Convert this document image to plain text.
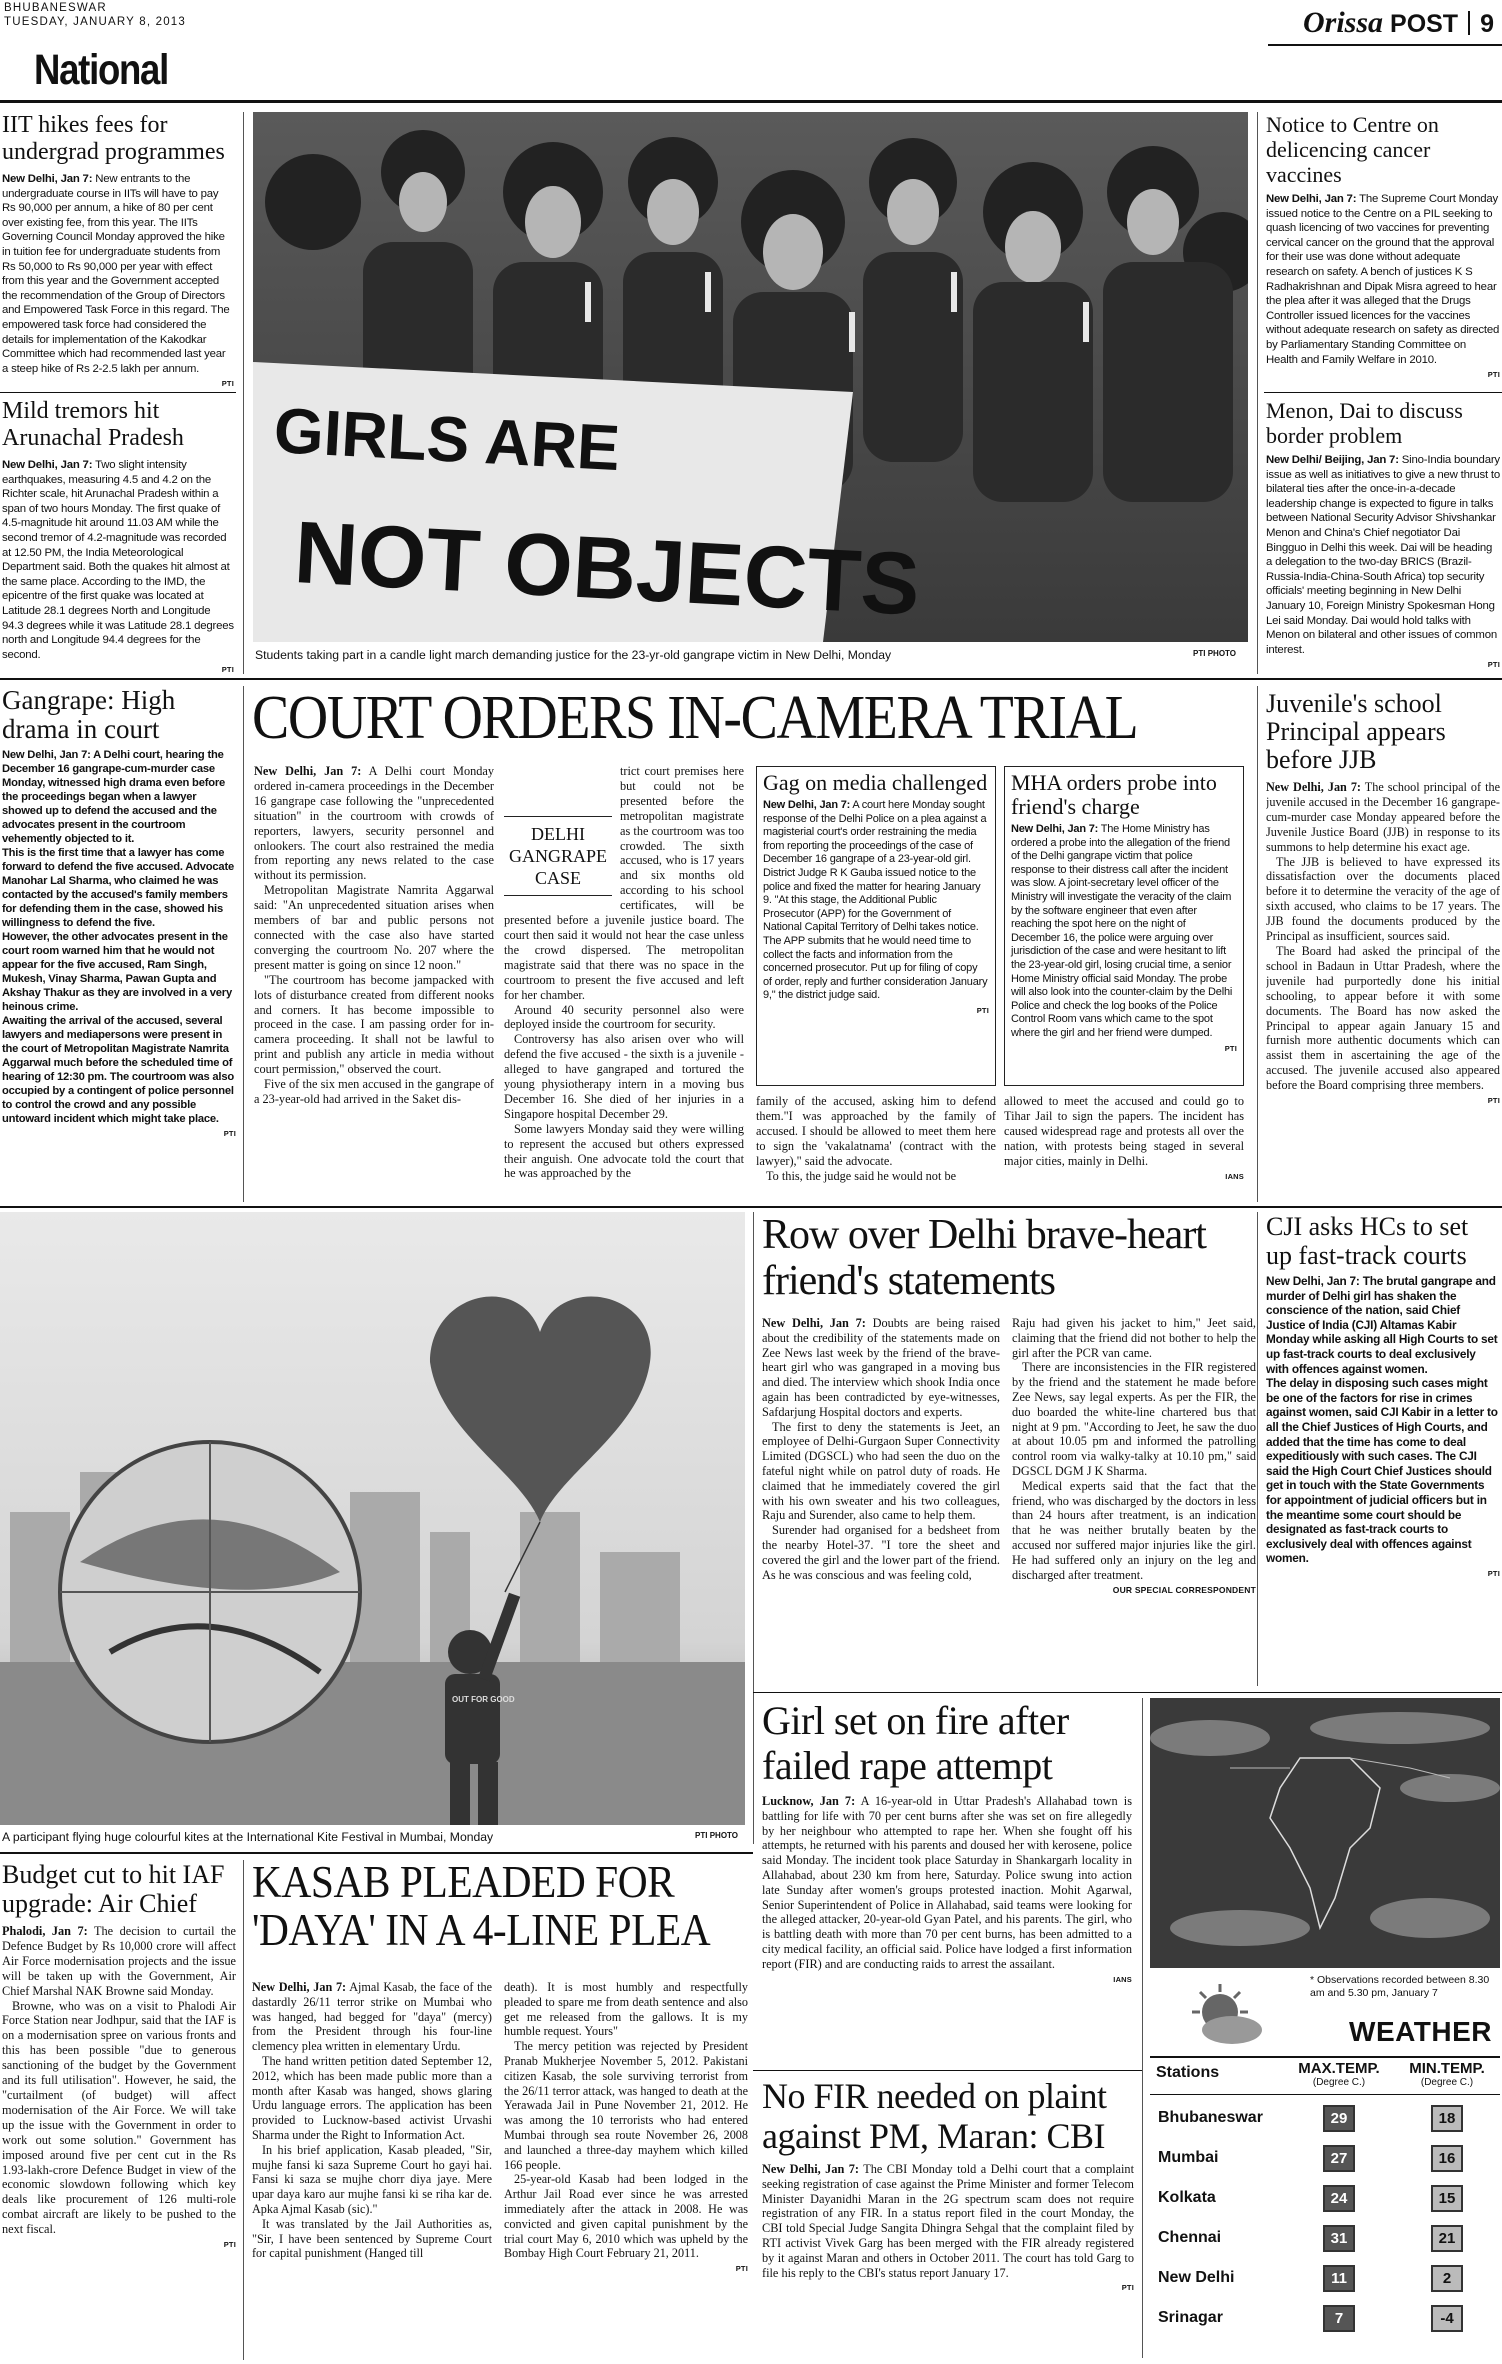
BHUBANESWAR
TUESDAY, JANUARY 8, 2013
National
Orissa POST 9
IIT hikes fees for undergrad programmes
New Delhi, Jan 7: New entrants to the undergraduate course in IITs will have to pay Rs 90,000 per annum, a hike of 80 per cent over existing fee, from this year. The IITs Governing Council Monday approved the hike in tuition fee for undergraduate students from Rs 50,000 to Rs 90,000 per year with effect from this year and the Government accepted the recommendation of the Group of Directors and Empowered Task Force in this regard. The empowered task force had considered the details for implementation of the Kakodkar Committee which had recommended last year a steep hike of Rs 2-2.5 lakh per annum.
PTI
Mild tremors hit Arunachal Pradesh
New Delhi, Jan 7: Two slight intensity earthquakes, measuring 4.5 and 4.2 on the Richter scale, hit Arunachal Pradesh within a span of two hours Monday. The first quake of 4.5-magnitude hit around 11.03 AM while the second tremor of 4.2-magnitude was recorded at 12.50 PM, the India Meteorological Department said. Both the quakes hit almost at the same place. According to the IMD, the epicentre of the first quake was located at Latitude 28.1 degrees North and Longitude 94.3 degrees while it was Latitude 28.1 degrees north and Longitude 94.4 degrees for the second.
PTI
GIRLS ARE
NOT OBJECTS
Students taking part in a candle light march demanding justice for the 23-yr-old gangrape victim in New Delhi, Monday	PTI PHOTO
Notice to Centre on delicencing cancer vaccines
New Delhi, Jan 7: The Supreme Court Monday issued notice to the Centre on a PIL seeking to quash licencing of two vaccines for preventing cervical cancer on the ground that the approval for their use was done without adequate research on safety. A bench of justices K S Radhakrishnan and Dipak Misra agreed to hear the plea after it was alleged that the Drugs Controller issued licences for the vaccines without adequate research on safety as directed by Parliamentary Standing Committee on Health and Family Welfare in 2010.
PTI
Menon, Dai to discuss border problem
New Delhi/ Beijing, Jan 7: Sino-India boundary issue as well as initiatives to give a new thrust to bilateral ties after the once-in-a-decade leadership change is expected to figure in talks between National Security Advisor Shivshankar Menon and China's Chief negotiator Dai Bingguo in Delhi this week. Dai will be heading a delegation to the two-day BRICS (Brazil-Russia-India-China-South Africa) top security officials' meeting beginning in New Delhi January 10, Foreign Ministry Spokesman Hong Lei said Monday. Dai would hold talks with Menon on bilateral and other issues of common interest.
PTI
Gangrape: High drama in court
New Delhi, Jan 7: A Delhi court, hearing the December 16 gangrape-cum-murder case Monday, witnessed high drama even before the proceedings began when a lawyer showed up to defend the accused and the advocates present in the courtroom vehemently objected to it.
This is the first time that a lawyer has come forward to defend the five accused. Advocate Manohar Lal Sharma, who claimed he was contacted by the accused's family members for defending them in the case, showed his willingness to defend the five.
However, the other advocates present in the court room warned him that he would not appear for the five accused, Ram Singh, Mukesh, Vinay Sharma, Pawan Gupta and Akshay Thakur as they are involved in a very heinous crime.
Awaiting the arrival of the accused, several lawyers and mediapersons were present in the court of Metropolitan Magistrate Namrita Aggarwal much before the scheduled time of hearing of 12:30 pm. The courtroom was also occupied by a contingent of police personnel to control the crowd and any possible untoward incident which might take place.
PTI
COURT ORDERS IN-CAMERA TRIAL

New Delhi, Jan 7: A Delhi court Monday ordered in-camera proceedings in the December 16 gangrape case following the "unprecedented situation" in the courtroom with crowds of reporters, lawyers, security personnel and onlookers. The court also restrained the media from reporting any news related to the case without its permission.

Metropolitan Magistrate Namrita Aggarwal said: "An unprecedented situation arises when members of bar and public persons not connected with the case also have started converging the courtroom No. 207 where the present matter is going on since 12 noon."

"The courtroom has become jampacked with lots of disturbance created from different nooks and corners. It has become impossible to proceed in the case. I am passing order for in-camera proceeding. It shall not be lawful to print and publish any article in media without court permission," observed the court.

Five of the six men accused in the gangrape of a 23-year-old had arrived in the Saket dis-

DELHI
GANGRAPE
CASE
trict court premises here but could not be presented before the metropolitan magistrate as the courtroom was too crowded. The sixth accused, who is 17 years and six months old according to his school certificates, will be presented before a juvenile justice board. The court then said it would not hear the case unless the crowd dispersed. The metropolitan magistrate said that there was no space in the courtroom to present the five accused and left for her chamber.

Around 40 security personnel also were deployed inside the courtroom for security.

Controversy has also arisen over who will defend the five accused - the sixth is a juvenile - alleged to have gangraped and tortured the young physiotherapy intern in a moving bus December 16. She died of her injuries in a Singapore hospital December 29.

Some lawyers Monday said they were willing to represent the accused but others expressed their anguish. One advocate told the court that he was approached by the

Gag on media challenged
New Delhi, Jan 7: A court here Monday sought response of the Delhi Police on a plea against a magisterial court's order restraining the media from reporting the proceedings of the case of December 16 gangrape of a 23-year-old girl. District Judge R K Gauba issued notice to the police and fixed the matter for hearing January 9. "At this stage, the Additional Public Prosecutor (APP) for the Government of National Capital Territory of Delhi takes notice. The APP submits that he would need time to collect the facts and information from the concerned prosecutor. Put up for filing of copy of order, reply and further consideration January 9," the district judge said.
PTI
MHA orders probe into friend's charge
New Delhi, Jan 7: The Home Ministry has ordered a probe into the allegation of the friend of the Delhi gangrape victim that police response to their distress call after the incident was slow. A joint-secretary level officer of the Ministry will investigate the veracity of the claim by the software engineer that even after reaching the spot here on the night of December 16, the police were arguing over jurisdiction of the case and were hesitant to lift the 23-year-old girl, losing crucial time, a senior Home Ministry official said Monday. The probe will also look into the counter-claim by the Delhi Police and check the log books of the Police Control Room vans which came to the spot where the girl and her friend were dumped.
PTI

family of the accused, asking him to defend them."I was approached by the family of accused. I should be allowed to meet them here to sign the 'vakalatnama' (contract with the lawyer)," said the advocate.

To this, the judge said he would not be

allowed to meet the accused and could go to Tihar Jail to sign the papers. The incident has caused widespread rage and protests all over the nation, with protests being staged in several major cities, mainly in Delhi.
IANS
Juvenile's school Principal appears before JJB

New Delhi, Jan 7: The school principal of the juvenile accused in the December 16 gangrape-cum-murder case Monday appeared before the Juvenile Justice Board (JJB) in response to its summons to help determine his exact age.

The JJB is believed to have expressed its dissatisfaction over the documents placed before it to determine the veracity of the age of sixth accused, who claims to be 17 years. The JJB found the documents produced by the Principal as insufficient, sources said.

The Board had asked the principal of the school in Badaun in Uttar Pradesh, where the juvenile had purportedly done his initial schooling, to appear before it with some documents. The Board has now asked the Principal to appear again January 15 and furnish more authentic documents which can assist them in ascertaining the age of the accused. The juvenile accused also appeared before the Board comprising three members.

PTI
OUT FOR GOOD
A participant flying huge colourful kites at the International Kite Festival in Mumbai, Monday	PTI PHOTO
Row over Delhi brave-heart friend's statements

New Delhi, Jan 7: Doubts are being raised about the credibility of the statements made on Zee News last week by the friend of the brave-heart girl who was gangraped in a moving bus and died. The interview which shook India once again has been contradicted by eye-witnesses, Safdarjung Hospital doctors and experts.

The first to deny the statements is Jeet, an employee of Delhi-Gurgaon Super Connectivity Limited (DGSCL) who had seen the duo on the fateful night while on patrol duty of roads. He claimed that he immediately covered the girl with his own sweater and his two colleagues, Raju and Surender, also came to help them.

Surender had organised for a bedsheet from the nearby Hotel-37. "I tore the sheet and covered the girl and the lower part of the friend. As he was conscious and was feeling cold,

Raju had given his jacket to him," Jeet said, claiming that the friend did not bother to help the girl after the PCR van came.

There are inconsistencies in the FIR registered by the friend and the statement he made before Zee News, say legal experts. As per the FIR, the duo boarded the white-line chartered bus that night at 9 pm. "According to Jeet, he saw the duo at about 10.05 pm and informed the patrolling control room via walky-talky at 10.10 pm," said DGSCL DGM J K Sharma.

Medical experts said that the fact that the friend, who was discharged by the doctors in less than 24 hours after treatment, is an indication that he was neither brutally beaten by the accused nor suffered major injuries like the girl. He had suffered only an injury on the leg and discharged after treatment.

OUR SPECIAL CORRESPONDENT
CJI asks HCs to set up fast-track courts
New Delhi, Jan 7: The brutal gangrape and murder of Delhi girl has shaken the conscience of the nation, said Chief Justice of India (CJI) Altamas Kabir Monday while asking all High Courts to set up fast-track courts to deal exclusively with offences against women.
The delay in disposing such cases might be one of the factors for rise in crimes against women, said CJI Kabir in a letter to all the Chief Justices of High Courts, and added that the time has come to deal expeditiously with such cases. The CJI said the High Court Chief Justices should get in touch with the State Governments for appointment of judicial officers but in the meantime some court should be designated as fast-track courts to exclusively deal with offences against women.
PTI
Girl set on fire after failed rape attempt
Lucknow, Jan 7: A 16-year-old in Uttar Pradesh's Allahabad town is battling for life with 70 per cent burns after she was set on fire allegedly by her neighbour who attempted to rape her. When she fought off his attempts, he returned with his parents and doused her with kerosene, police said Monday. The incident took place Saturday in Shankargarh locality in Allahabad, about 230 km from here, Saturday. Police swung into action late Sunday after women's groups protested inaction. Mohit Agarwal, Senior Superintendent of Police in Allahabad, said teams were looking for the alleged attacker, 20-year-old Gyan Patel, and his parents. The girl, who is battling death with more than 70 per cent burns, has been admitted to a city medical facility, an official said. Police have lodged a first information report (FIR) and are conducting raids to arrest the assailant.
IANS	* Observations recorded between 8.30 am and 5.30 pm, January 7
WEATHER
Stations	MAX.TEMP.
(Degree C.)
MIN.TEMP.
(Degree C.)
Bhubaneswar	29	18
Mumbai	27	16
Kolkata	24	15
Chennai	31	21
New Delhi	11	2
Srinagar	7	-4
Budget cut to hit IAF upgrade: Air Chief

Phalodi, Jan 7: The decision to curtail the Defence Budget by Rs 10,000 crore will affect Air Force modernisation projects and the issue will be taken up with the Government, Air Chief Marshal NAK Browne said Monday.

Browne, who was on a visit to Phalodi Air Force Station near Jodhpur, said that the IAF is on a modernisation spree on various fronts and this has been possible "due to generous sanctioning of the budget by the Government and its full utilisation". However, he said, the "curtailment (of budget) will affect modernisation of the Air Force. We will take up the issue with the Government in order to work out some solution." Government has imposed around five per cent cut in the Rs 1.93-lakh-crore Defence Budget in view of the economic slowdown following which key deals like procurement of 126 multi-role combat aircraft are likely to be pushed to the next fiscal.

PTI
KASAB PLEADED FOR
'DAYA' IN A 4-LINE PLEA

New Delhi, Jan 7: Ajmal Kasab, the face of the dastardly 26/11 terror strike on Mumbai who was hanged, had begged for "daya" (mercy) from the President through his four-line clemency plea written in elementary Urdu.

The hand written petition dated September 12, 2012, which has been made public more than a month after Kasab was hanged, shows glaring Urdu language errors. The application has been provided to Lucknow-based activist Urvashi Sharma under the Right to Information Act.

In his brief application, Kasab pleaded, "Sir, mujhe fansi ki saza Supreme Court ho gayi hai. Fansi ki saza se mujhe chorr diya jaye. Mere upar daya karo aur mujhe fansi ki se riha kar de. Apka Ajmal Kasab (sic)."

It was translated by the Jail Authorities as, "Sir, I have been sentenced by Supreme Court for capital punishment (Hanged till

death). It is most humbly and respectfully pleaded to spare me from death sentence and also get me released from the gallows. It is my humble request. Yours"

The mercy petition was rejected by President Pranab Mukherjee November 5, 2012. Pakistani citizen Kasab, the sole surviving terrorist from the 26/11 terror attack, was hanged to death at the Yerawada Jail in Pune November 21, 2012. He was among the 10 terrorists who had entered Mumbai through sea route November 26, 2008 and launched a three-day mayhem which killed 166 people.

25-year-old Kasab had been lodged in the Arthur Jail Road ever since he was arrested immediately after the attack in 2008. He was convicted and given capital punishment by the trial court May 6, 2010 which was upheld by the Bombay High Court February 21, 2011.

PTI
No FIR needed on plaint against PM, Maran: CBI
New Delhi, Jan 7: The CBI Monday told a Delhi court that a complaint seeking registration of case against the Prime Minister and former Telecom Minister Dayanidhi Maran in the 2G spectrum scam does not require registration of any FIR. In a status report filed in the court Monday, the CBI told Special Judge Sangita Dhingra Sehgal that the complaint filed by RTI activist Vivek Garg has been merged with the FIR already registered by it against Maran and others in October 2011. The court has told Garg to file his reply to the CBI's status report January 17.
PTI
